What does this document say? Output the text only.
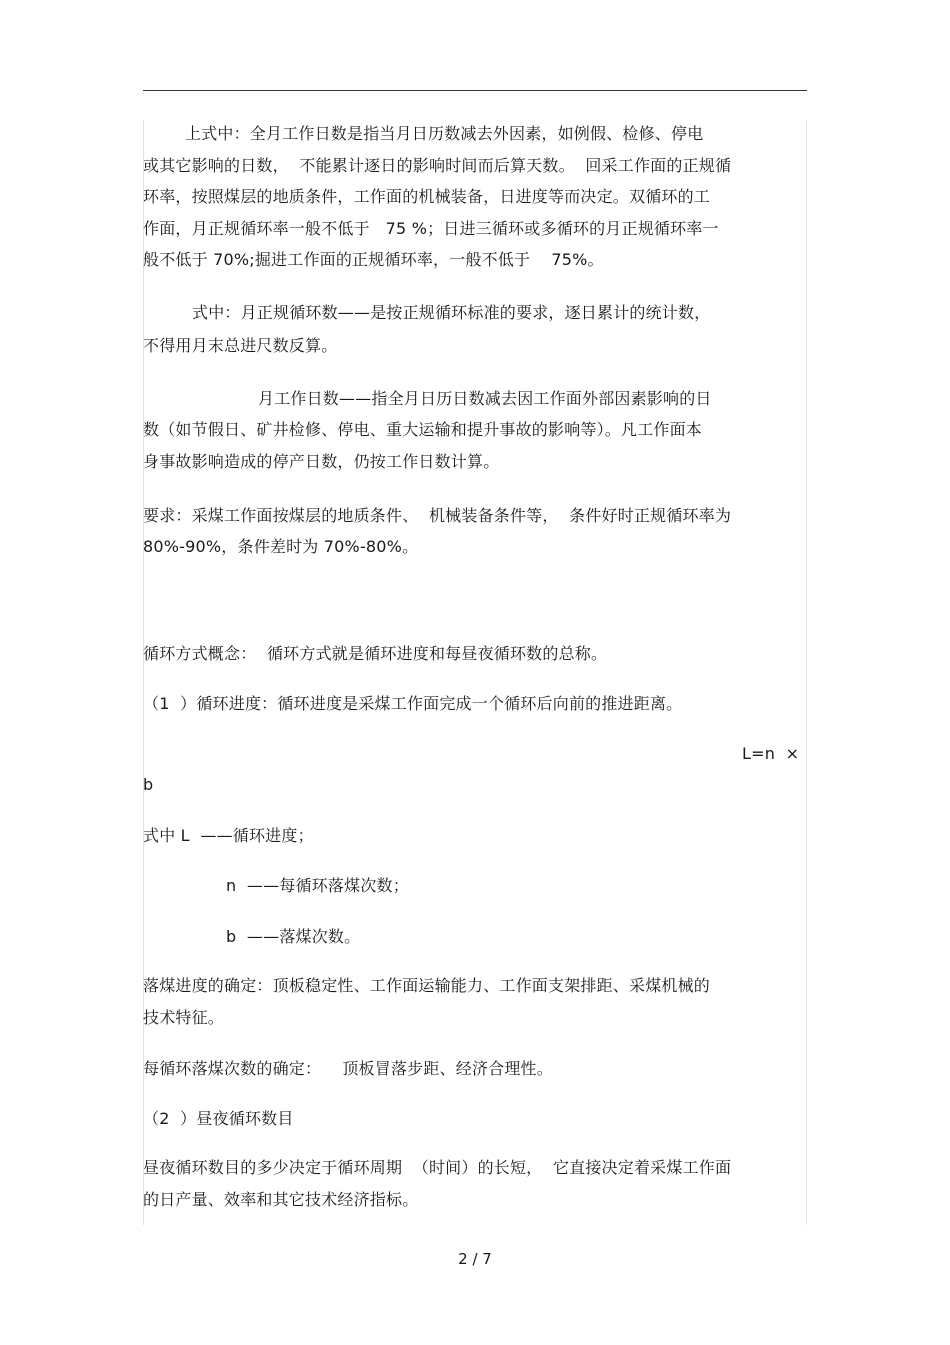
上式中：全月工作日数是指当月日历数减去外因素，如例假、检修、停电
或其它影响的日数，  不能累计逐日的影响时间而后算天数。  回采工作面的正规循
环率，按照煤层的地质条件，工作面的机械装备，日进度等而决定。双循环的工
作面，月正规循环率一般不低于   75 %；日进三循环或多循环的月正规循环率一
般不低于 70%;掘进工作面的正规循环率，一般不低于    75%。
式中：月正规循环数——是按正规循环标准的要求，逐日累计的统计数，
不得用月末总进尺数反算。
月工作日数——指全月日历日数减去因工作面外部因素影响的日
数（如节假日、矿井检修、停电、重大运输和提升事故的影响等）。凡工作面本
身事故影响造成的停产日数，仍按工作日数计算。
要求：采煤工作面按煤层的地质条件、  机械装备条件等，  条件好时正规循环率为
80%-90%，条件差时为 70%-80%。
循环方式概念：  循环方式就是循环进度和每昼夜循环数的总称。
（1  ）循环进度：循环进度是采煤工作面完成一个循环后向前的推进距离。
L=n  ×
b
式中 L  ——循环进度；
n  ——每循环落煤次数；
b  ——落煤次数。
落煤进度的确定：顶板稳定性、工作面运输能力、工作面支架排距、采煤机械的
技术特征。
每循环落煤次数的确定：    顶板冒落步距、经济合理性。
（2  ）昼夜循环数目
昼夜循环数目的多少决定于循环周期  （时间）的长短，  它直接决定着采煤工作面
的日产量、效率和其它技术经济指标。
2 / 7
